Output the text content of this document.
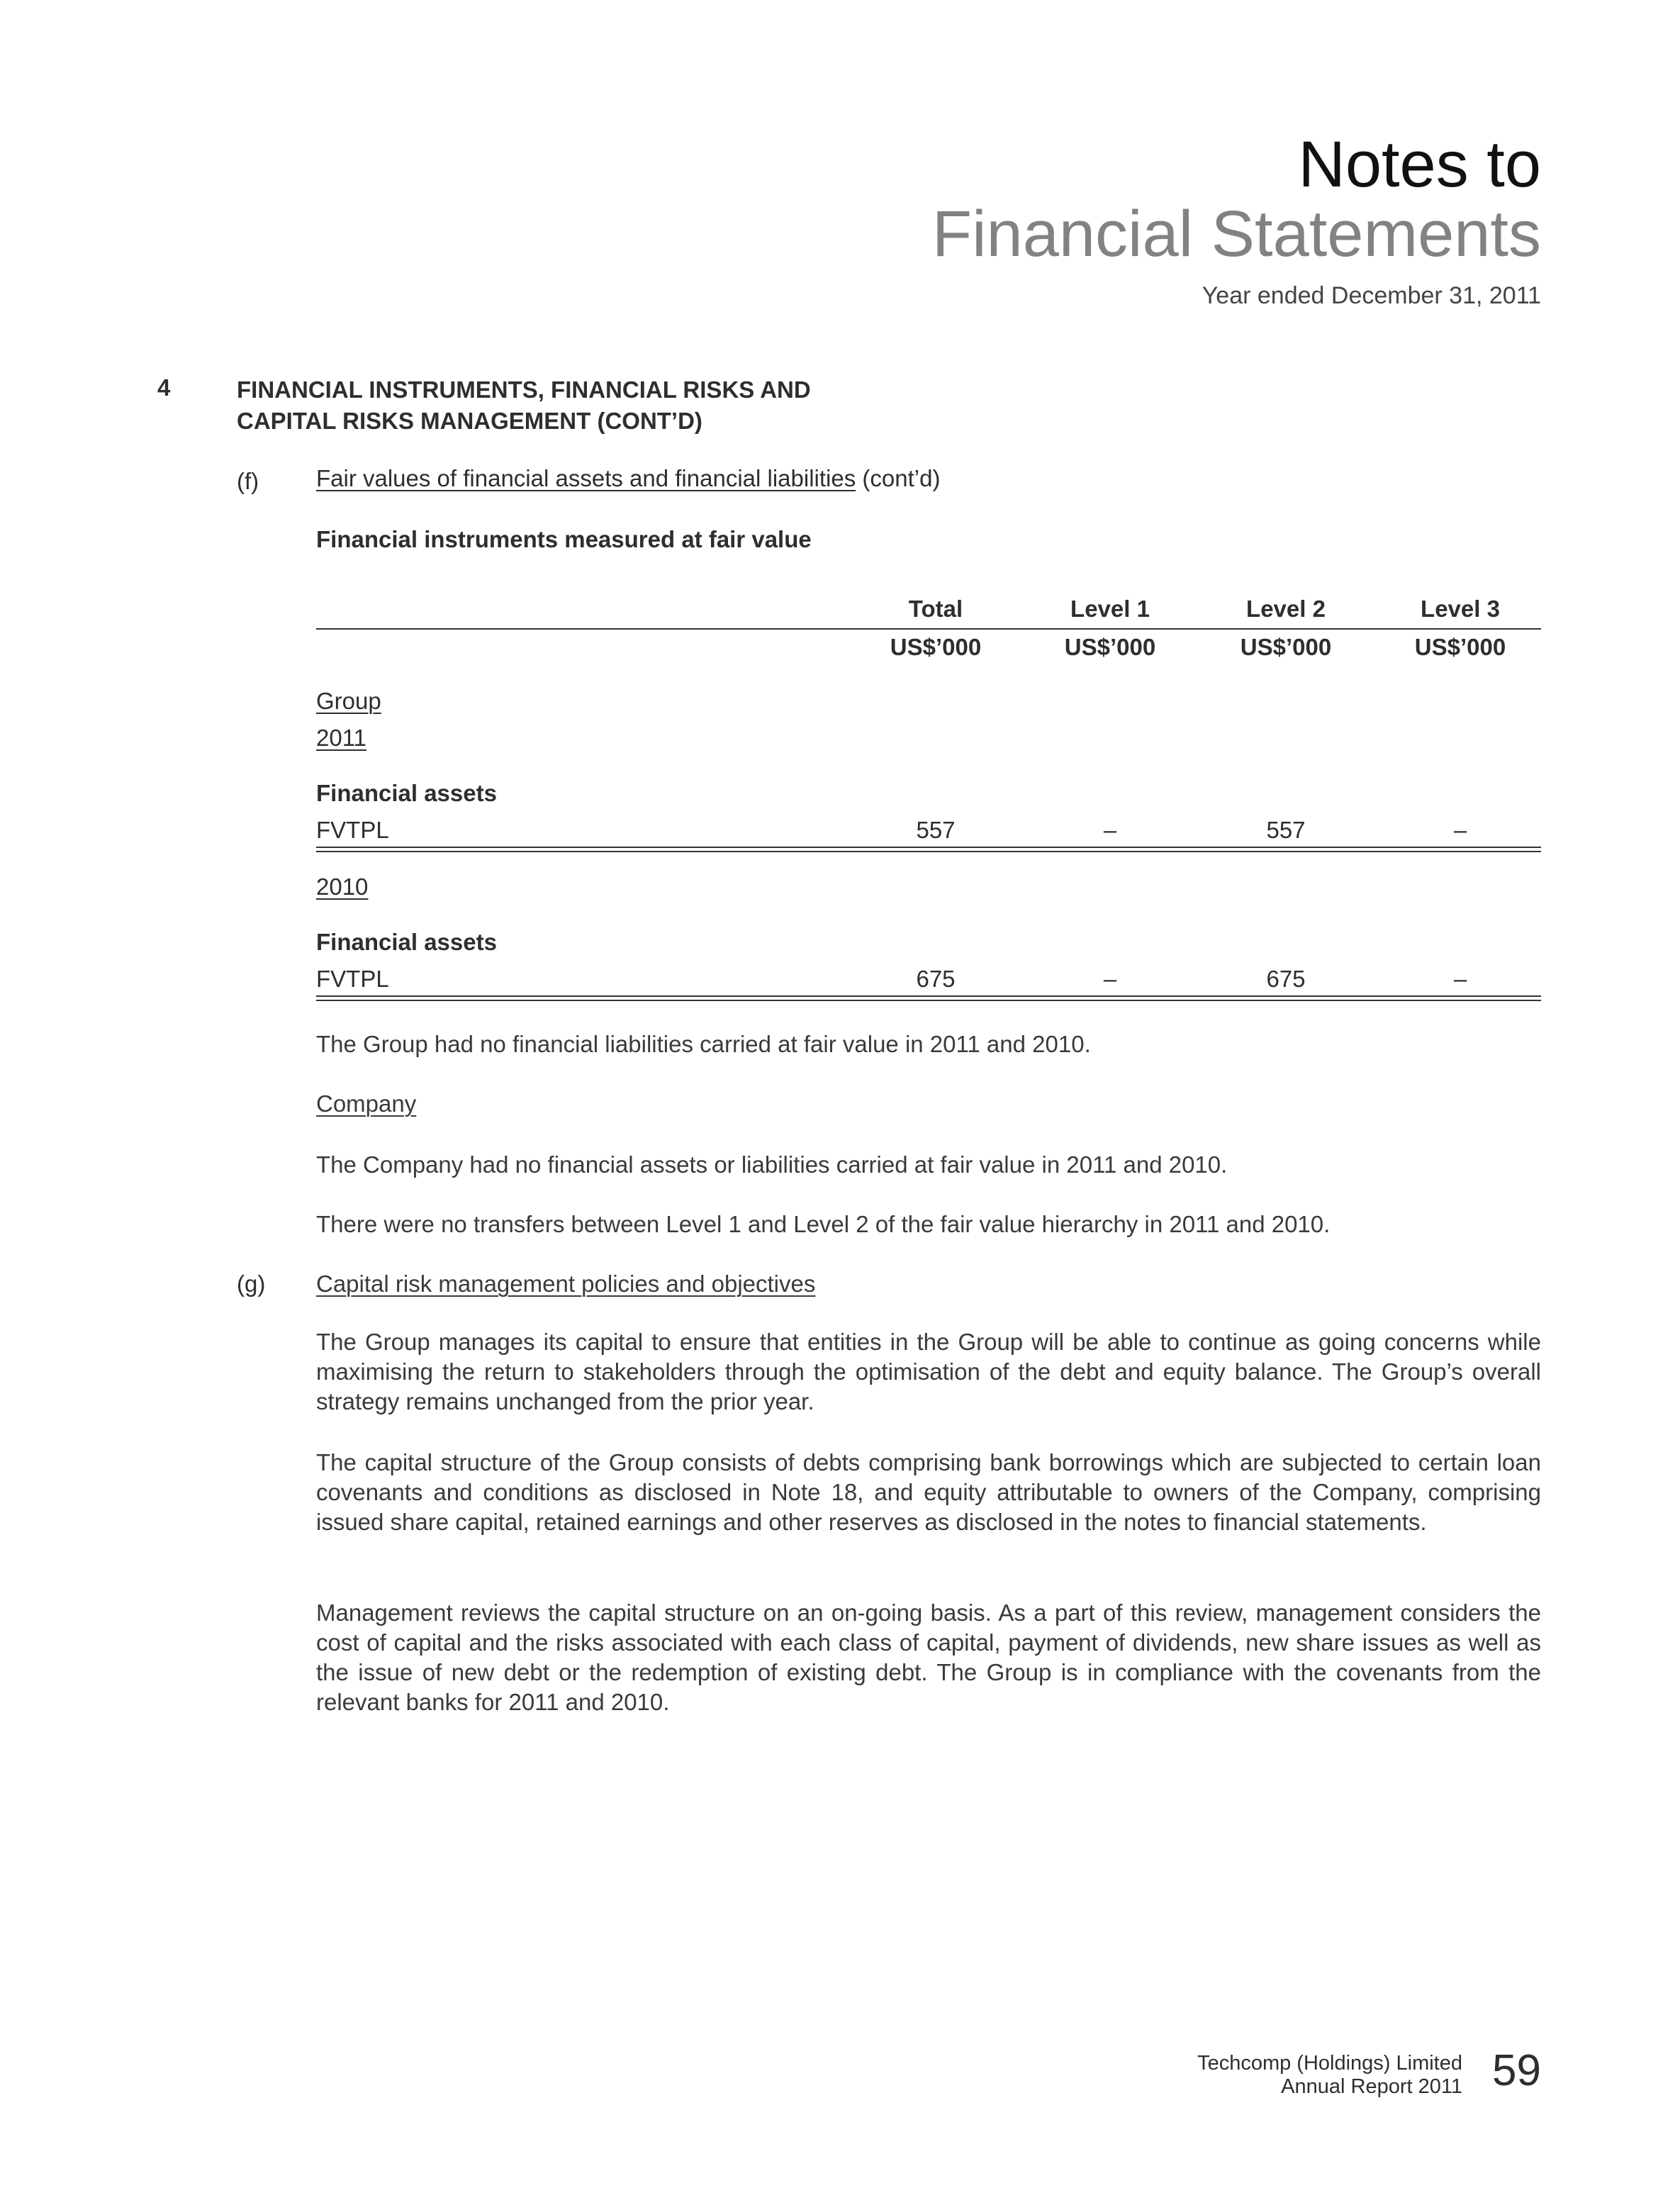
Notes to
Financial Statements
Year ended December 31, 2011
4	FINANCIAL INSTRUMENTS, FINANCIAL RISKS AND
CAPITAL RISKS MANAGEMENT (CONT’D)
(f) Fair values of financial assets and financial liabilities (cont’d)
Financial instruments measured at fair value
Total	Level 1	Level 2	Level 3
US$’000	US$’000	US$’000	US$’000
Group
2011
Financial assets
FVTPL	557	–	557	–
2010
Financial assets
FVTPL	675	–	675	–
The Group had no financial liabilities carried at fair value in 2011 and 2010.
Company
The Company had no financial assets or liabilities carried at fair value in 2011 and 2010.
There were no transfers between Level 1 and Level 2 of the fair value hierarchy in 2011 and 2010.
(g) Capital risk management policies and objectives
The Group manages its capital to ensure that entities in the Group will be able to continue as going concerns while maximising the return to stakeholders through the optimisation of the debt and equity balance. The Group’s overall strategy remains unchanged from the prior year.
The capital structure of the Group consists of debts comprising bank borrowings which are subjected to certain loan covenants and conditions as disclosed in Note 18, and equity attributable to owners of the Company, comprising issued share capital, retained earnings and other reserves as disclosed in the notes to financial statements.
Management reviews the capital structure on an on-going basis. As a part of this review, management considers the cost of capital and the risks associated with each class of capital, payment of dividends, new share issues as well as the issue of new debt or the redemption of existing debt. The Group is in compliance with the covenants from the relevant banks for 2011 and 2010.
Techcomp (Holdings) Limited
Annual Report 2011 59
